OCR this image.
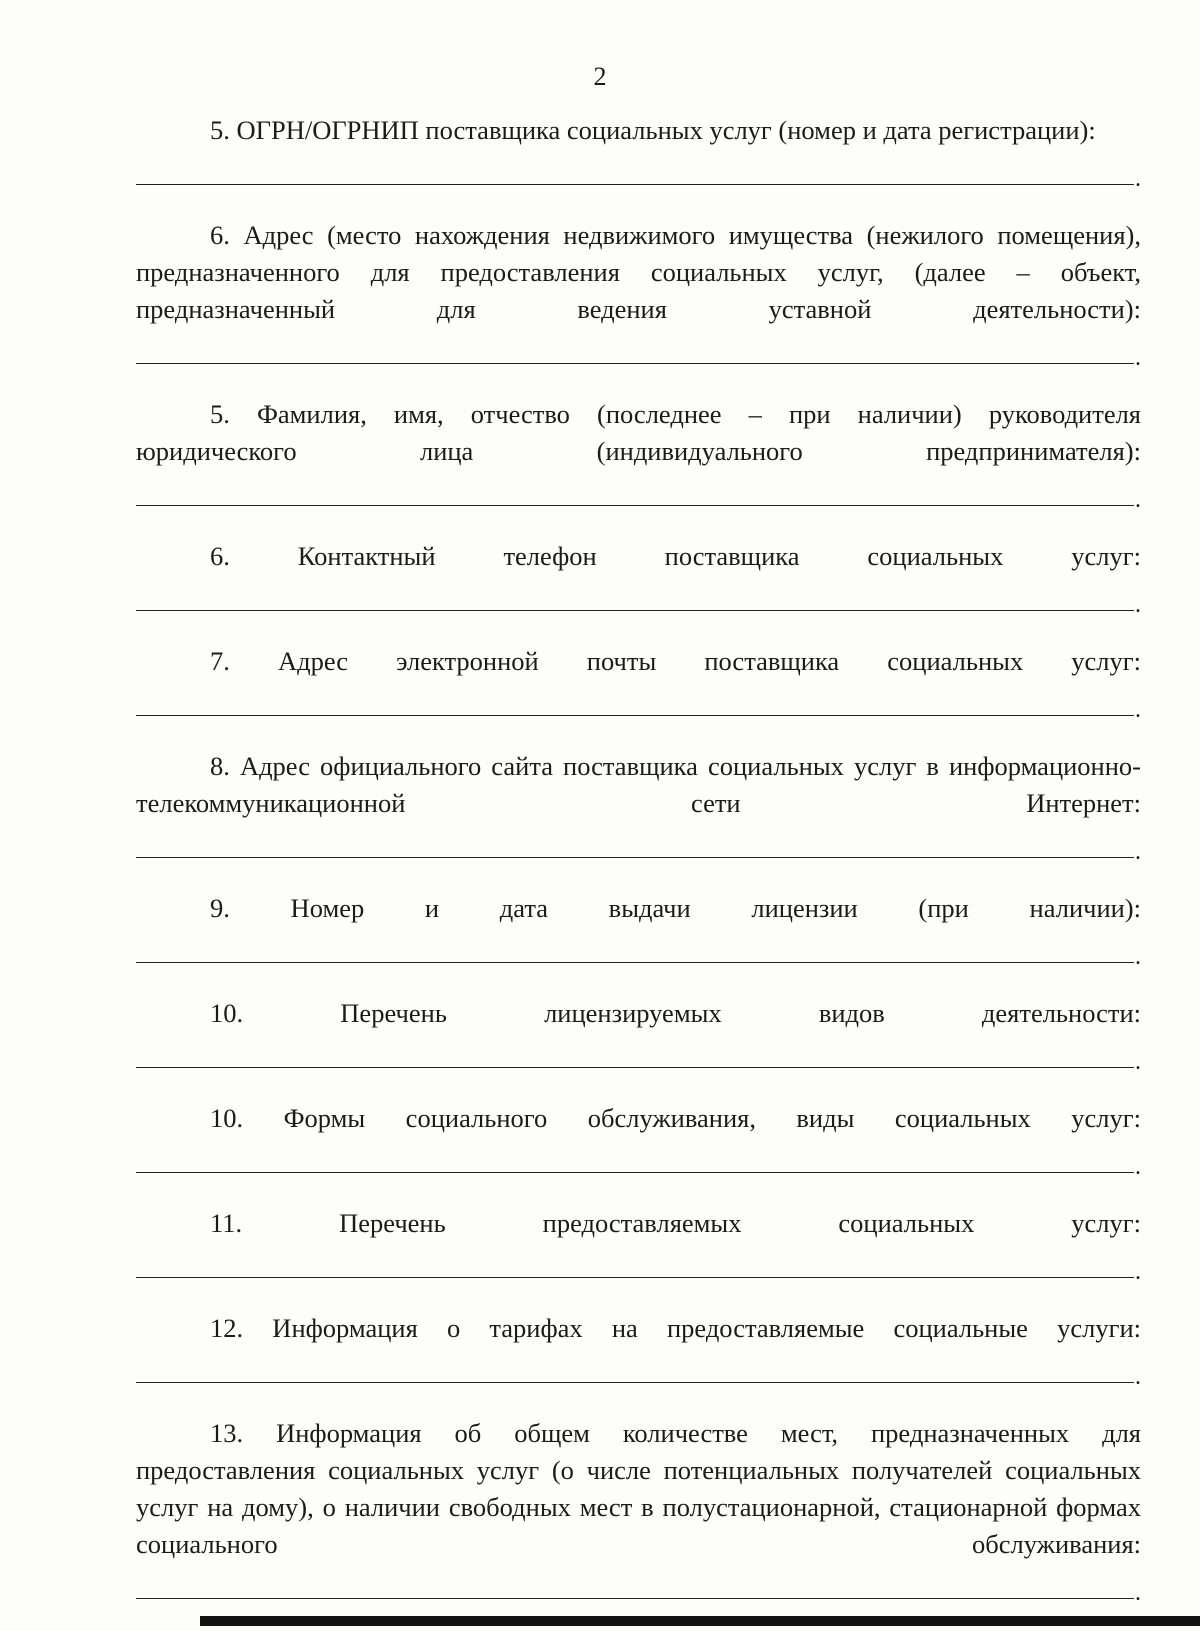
2
5. ОГРН/ОГРНИП поставщика социальных услуг (номер и дата регистрации):
.
6. Адрес (место нахождения недвижимого имущества (нежилого помещения), предназначенного для предоставления социальных услуг, (далее – объект, предназначенный для ведения уставной деятельности):
.
5. Фамилия, имя, отчество (последнее – при наличии) руководителя юридического лица (индивидуального предпринимателя):
.
6. Контактный телефон поставщика социальных услуг:
.
7. Адрес электронной почты поставщика социальных услуг:
.
8. Адрес официального сайта поставщика социальных услуг в информационно-телекоммуникационной сети Интернет:
.
9. Номер и дата выдачи лицензии (при наличии):
.
10. Перечень лицензируемых видов деятельности:
.
10. Формы социального обслуживания, виды социальных услуг:
.
11. Перечень предоставляемых социальных услуг:
.
12. Информация о тарифах на предоставляемые социальные услуги:
.
13. Информация об общем количестве мест, предназначенных для предоставления социальных услуг (о числе потенциальных получателей социальных услуг на дому), о наличии свободных мест в полустационарной, стационарной формах социального обслуживания:
.
